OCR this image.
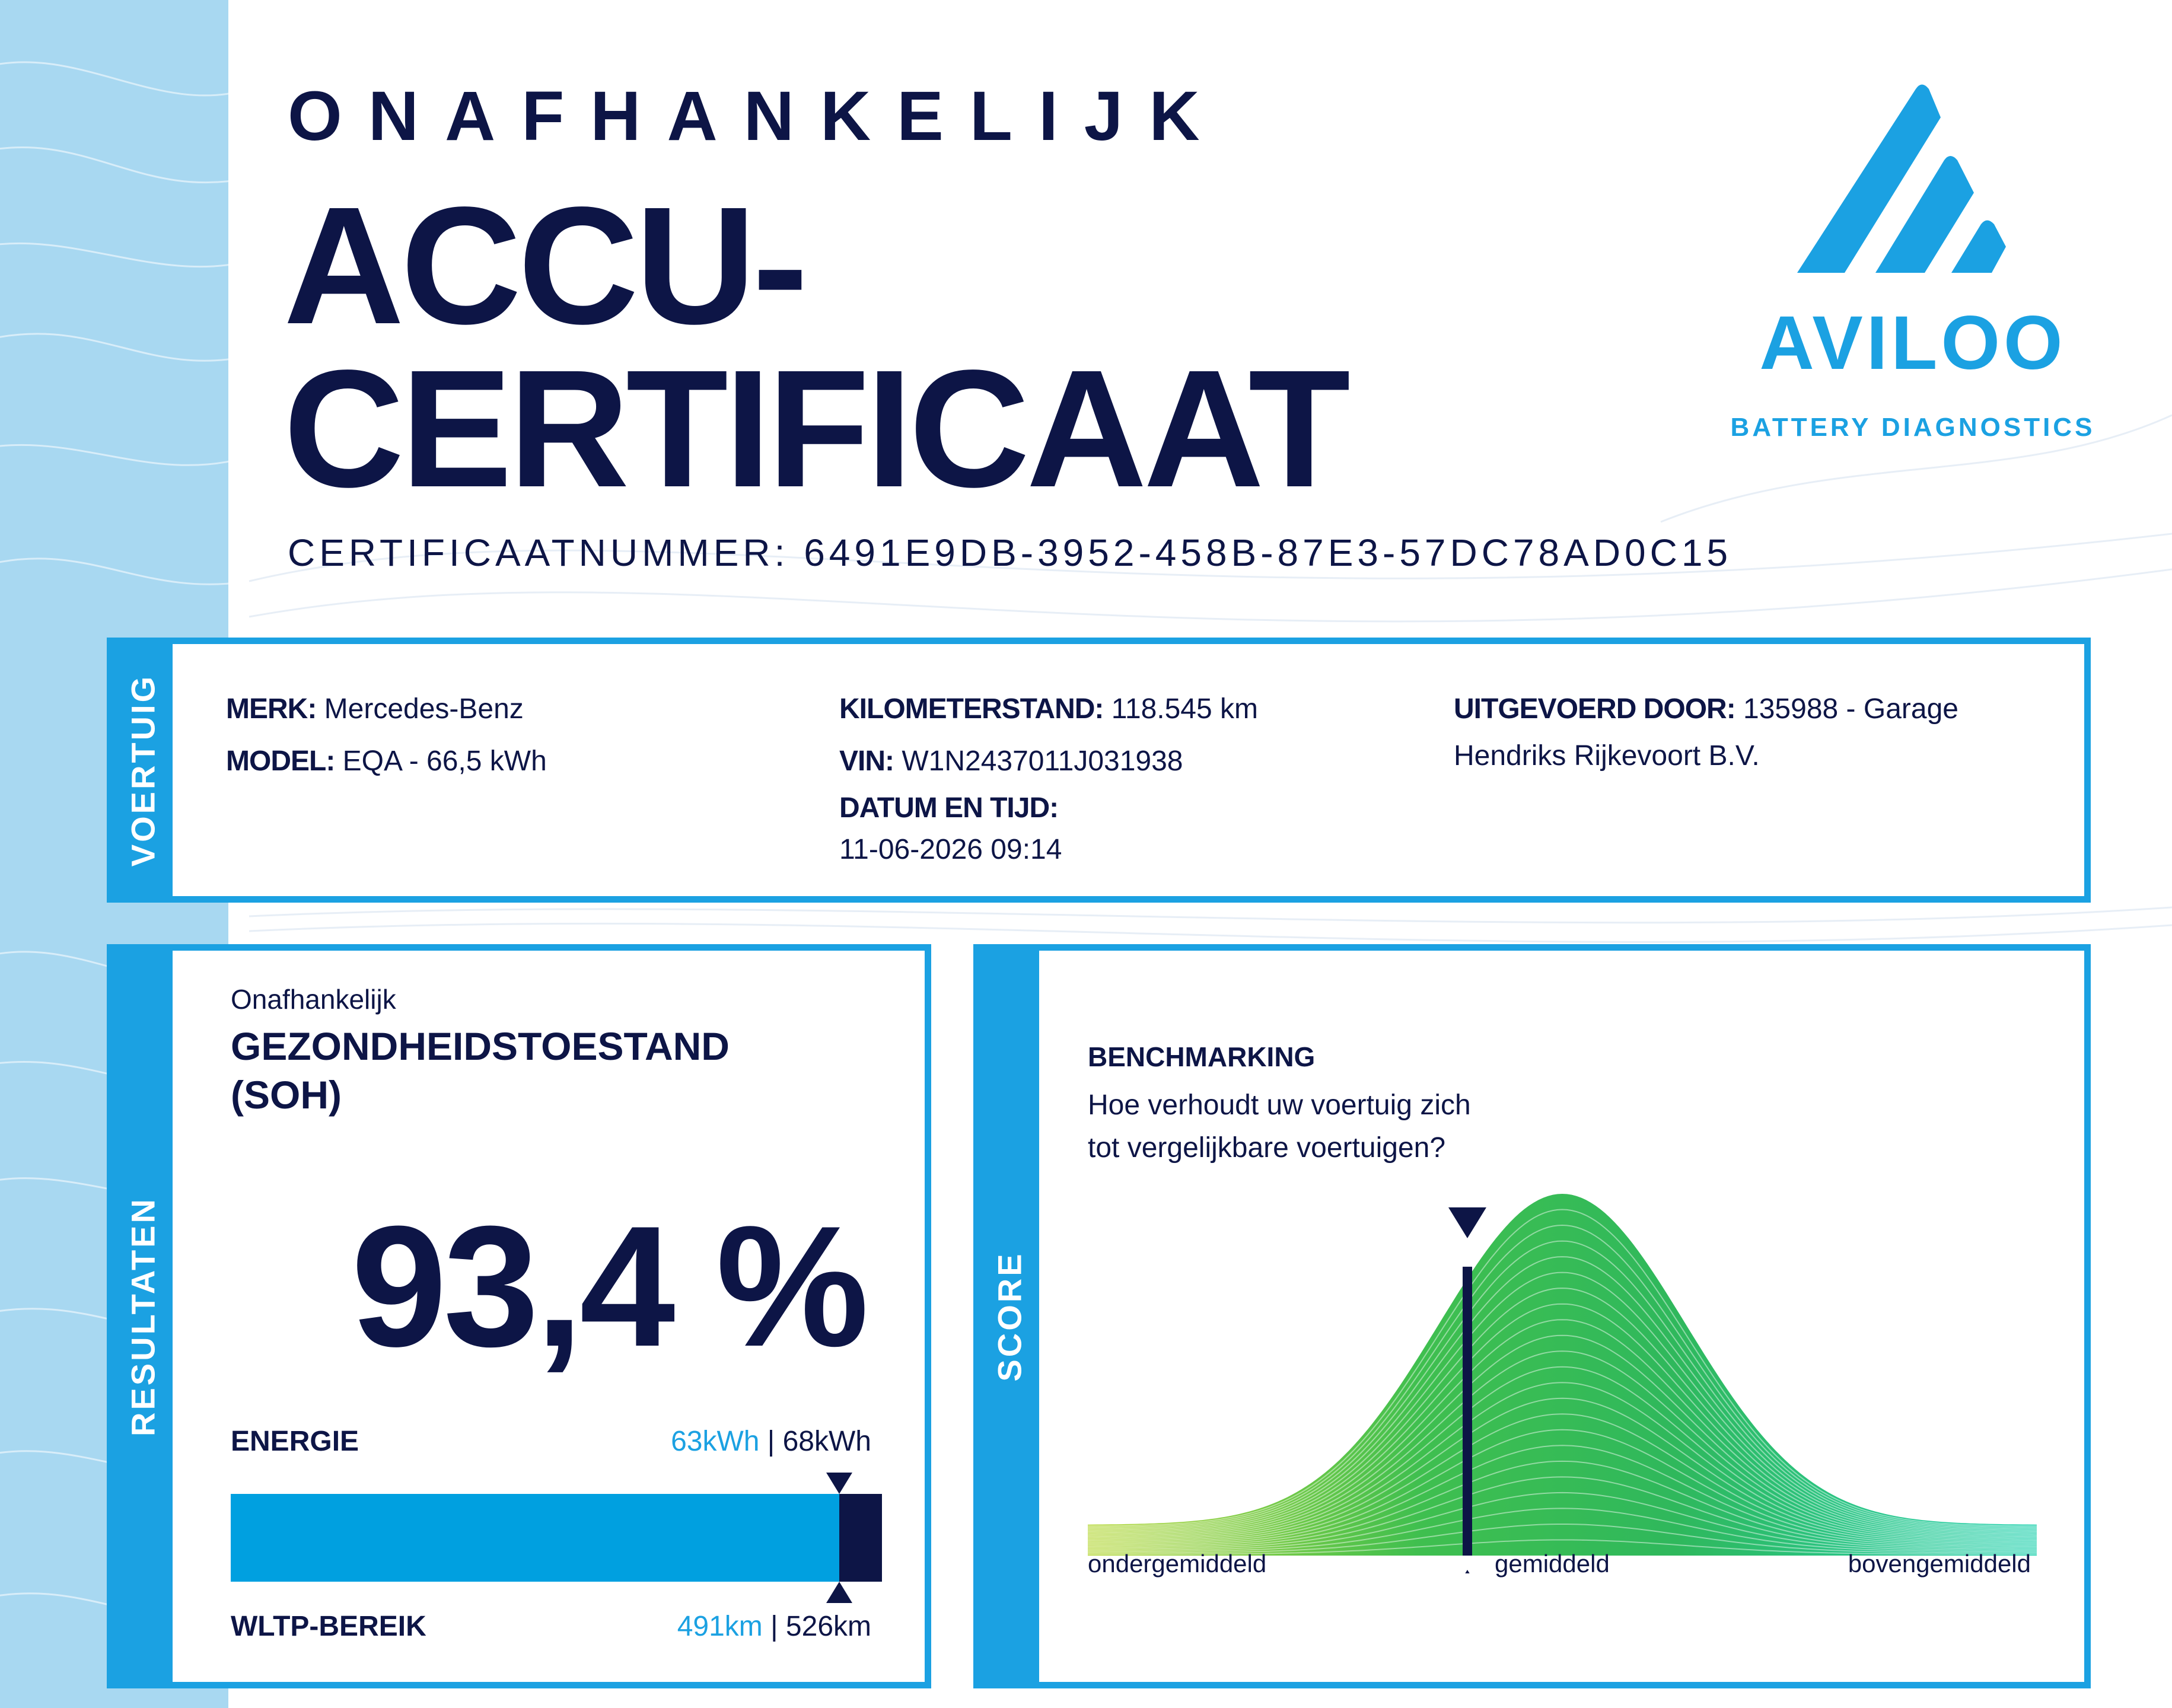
ONAFHANKELIJK
ACCU-
CERTIFICAAT
CERTIFICAATNUMMER: 6491E9DB-3952-458B-87E3-57DC78AD0C15
AVILOO
BATTERY DIAGNOSTICS
VOERTUIG MERK: Mercedes-Benz
MODEL: EQA - 66,5 kWh
KILOMETERSTAND: 118.545 km
VIN: W1N2437011J031938
DATUM EN TIJD:
11-06-2026 09:14
UITGEVOERD DOOR: 135988 - Garage
Hendriks Rijkevoort B.V.
RESULTATEN
Onafhankelijk
GEZONDHEIDSTOESTAND
(SOH)
93,4 %
ENERGIE	63kWh | 68kWh
WLTP-BEREIK	491km | 526km
SCORE
BENCHMARKING
Hoe verhoudt uw voertuig zich tot vergelijkbare voertuigen?
ondergemiddeld	gemiddeld	bovengemiddeld
